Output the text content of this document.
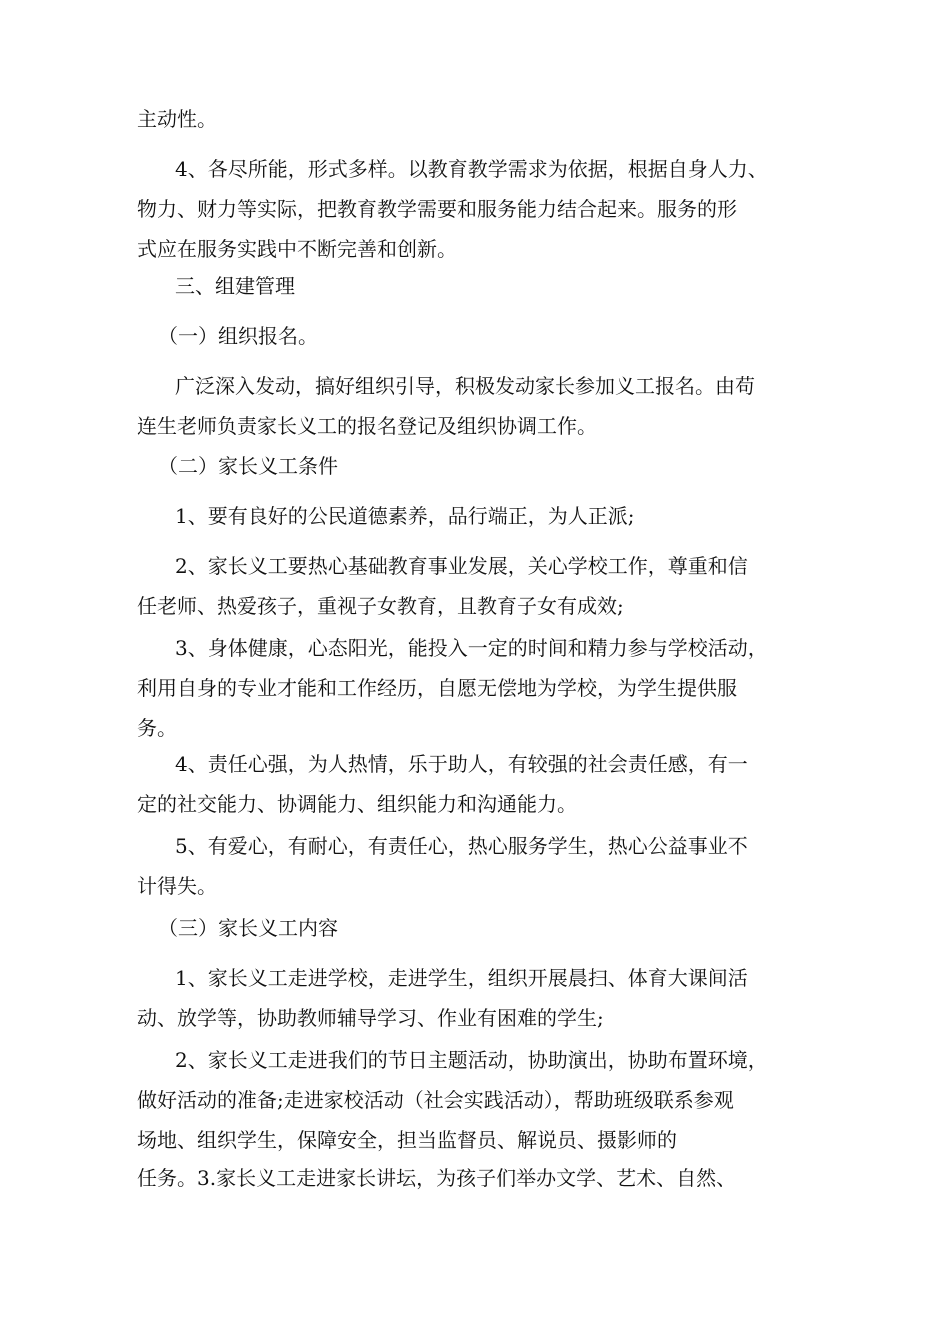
主动性。
4、各尽所能，形式多样。以教育教学需求为依据，根据自身人力、
物力、财力等实际，把教育教学需要和服务能力结合起来。服务的形
式应在服务实践中不断完善和创新。
三、组建管理
（一）组织报名。
广泛深入发动，搞好组织引导，积极发动家长参加义工报名。由苟
连生老师负责家长义工的报名登记及组织协调工作。
（二）家长义工条件
1、要有良好的公民道德素养，品行端正，为人正派;
2、家长义工要热心基础教育事业发展，关心学校工作，尊重和信
任老师、热爱孩子，重视子女教育，且教育子女有成效;
3、身体健康，心态阳光，能投入一定的时间和精力参与学校活动，
利用自身的专业才能和工作经历，自愿无偿地为学校，为学生提供服
务。
4、责任心强，为人热情，乐于助人，有较强的社会责任感，有一
定的社交能力、协调能力、组织能力和沟通能力。
5、有爱心，有耐心，有责任心，热心服务学生，热心公益事业不
计得失。
（三）家长义工内容
1、家长义工走进学校，走进学生，组织开展晨扫、体育大课间活
动、放学等，协助教师辅导学习、作业有困难的学生;
2、家长义工走进我们的节日主题活动，协助演出，协助布置环境，
做好活动的准备;走进家校活动（社会实践活动），帮助班级联系参观
场地、组织学生，保障安全，担当监督员、解说员、摄影师的
任务。3.家长义工走进家长讲坛，为孩子们举办文学、艺术、自然、
